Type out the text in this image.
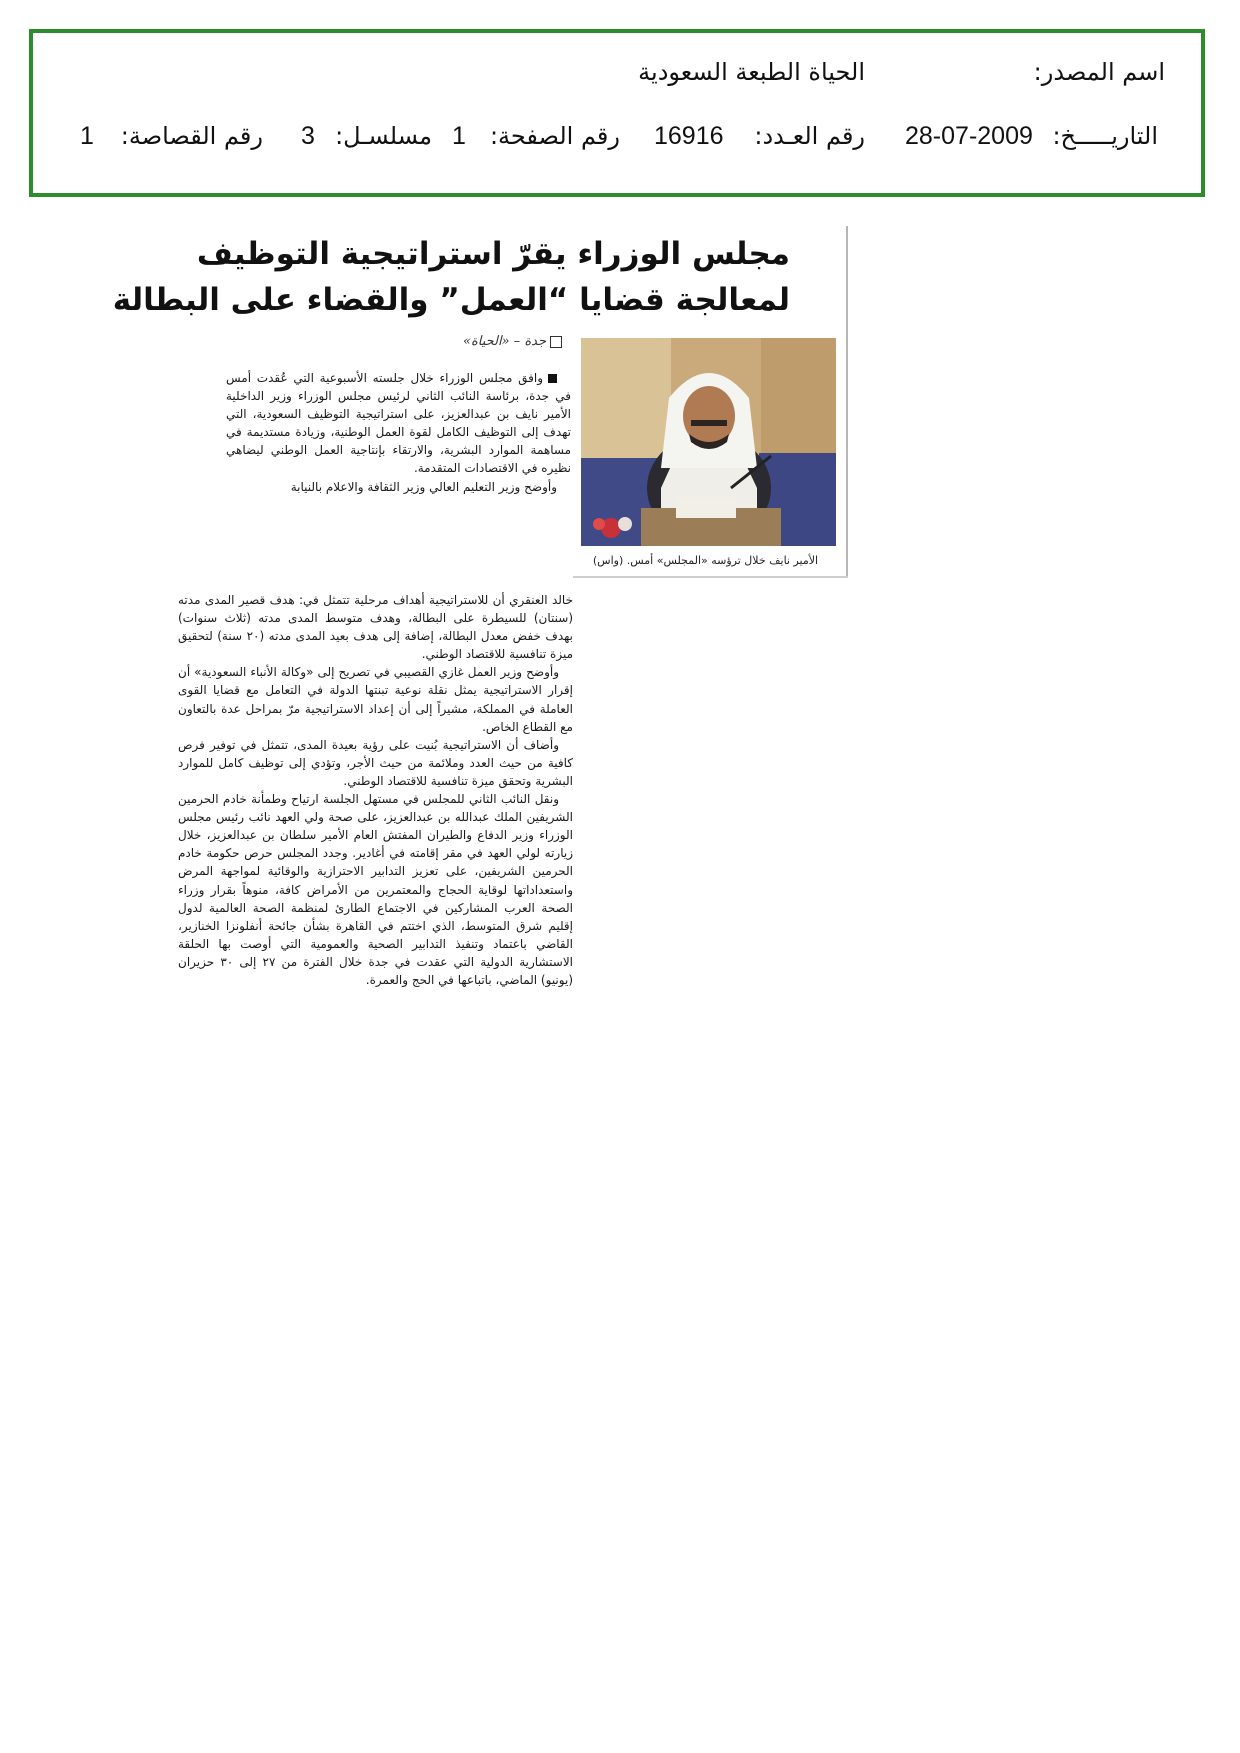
اسم المصدر:
الحياة الطبعة السعودية
التاريـــــخ:
28-07-2009
رقم العـدد:
16916
رقم الصفحة:
1
مسلسـل:
3
رقم القصاصة:
1
مجلس الوزراء يقرّ استراتيجية التوظيف
لمعالجة قضايا “العمل” والقضاء على البطالة
جدة – «الحياة»
الأمير نايف خلال ترؤسه «المجلس» أمس. (واس)

وافق مجلس الوزراء خلال جلسته الأسبوعية التي عُقدت أمس في جدة، برئاسة النائب الثاني لرئيس مجلس الوزراء وزير الداخلية الأمير نايف بن عبدالعزيز، على استراتيجية التوظيف السعودية، التي تهدف إلى التوظيف الكامل لقوة العمل الوطنية، وزيادة مستديمة في مساهمة الموارد البشرية، والارتقاء بإنتاجية العمل الوطني ليضاهي نظيره في الاقتصادات المتقدمة.

وأوضح وزير التعليم العالي وزير الثقافة والاعلام بالنيابة

خالد العنقري أن للاستراتيجية أهداف مرحلية تتمثل في: هدف قصير المدى مدته (سنتان) للسيطرة على البطالة، وهدف متوسط المدى مدته (ثلاث سنوات) بهدف خفض معدل البطالة، إضافة إلى هدف بعيد المدى مدته (٢٠ سنة) لتحقيق ميزة تنافسية للاقتصاد الوطني.

وأوضح وزير العمل غازي القصيبي في تصريح إلى «وكالة الأنباء السعودية» أن إقرار الاستراتيجية يمثل نقلة نوعية تبنتها الدولة في التعامل مع قضايا القوى العاملة في المملكة، مشيراً إلى أن إعداد الاستراتيجية مرّ بمراحل عدة بالتعاون مع القطاع الخاص.

وأضاف أن الاستراتيجية بُنيت على رؤية بعيدة المدى، تتمثل في توفير فرص كافية من حيث العدد وملائمة من حيث الأجر، وتؤدي إلى توظيف كامل للموارد البشرية وتحقق ميزة تنافسية للاقتصاد الوطني.

ونقل النائب الثاني للمجلس في مستهل الجلسة ارتياح وطمأنة خادم الحرمين الشريفين الملك عبدالله بن عبدالعزيز، على صحة ولي العهد نائب رئيس مجلس الوزراء وزير الدفاع والطيران المفتش العام الأمير سلطان بن عبدالعزيز، خلال زيارته لولي العهد في مقر إقامته في أغادير. وجدد المجلس حرص حكومة خادم الحرمين الشريفين، على تعزيز التدابير الاحترازية والوقائية لمواجهة المرض واستعداداتها لوقاية الحجاج والمعتمرين من الأمراض كافة، منوهاً بقرار وزراء الصحة العرب المشاركين في الاجتماع الطارئ لمنظمة الصحة العالمية لدول إقليم شرق المتوسط، الذي اختتم في القاهرة بشأن جائحة أنفلونزا الخنازير، القاضي باعتماد وتنفيذ التدابير الصحية والعمومية التي أوصت بها الحلقة الاستشارية الدولية التي عقدت في جدة خلال الفترة من ٢٧ إلى ٣٠ حزيران (يونيو) الماضي، باتباعها في الحج والعمرة.
